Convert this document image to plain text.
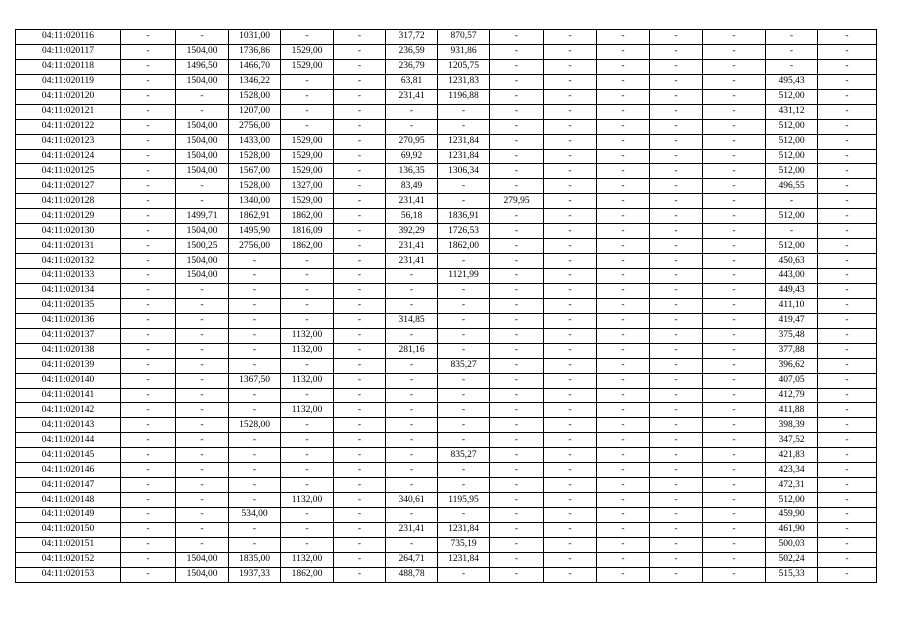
04:11:020116	-	-	1031,00	-	-	317,72	870,57	-	-	-	-	-	-	-
04:11:020117	-	1504,00	1736,86	1529,00	-	236,59	931,86	-	-	-	-	-	-	-
04:11:020118	-	1496,50	1466,70	1529,00	-	236,79	1205,75	-	-	-	-	-	-	-
04:11:020119	-	1504,00	1346,22	-	-	63,81	1231,83	-	-	-	-	-	495,43	-
04:11:020120	-	-	1528,00	-	-	231,41	1196,88	-	-	-	-	-	512,00	-
04:11:020121	-	-	1207,00	-	-	-	-	-	-	-	-	-	431,12	-
04:11:020122	-	1504,00	2756,00	-	-	-	-	-	-	-	-	-	512,00	-
04:11:020123	-	1504,00	1433,00	1529,00	-	270,95	1231,84	-	-	-	-	-	512,00	-
04:11:020124	-	1504,00	1528,00	1529,00	-	69,92	1231,84	-	-	-	-	-	512,00	-
04:11:020125	-	1504,00	1567,00	1529,00	-	136,35	1306,34	-	-	-	-	-	512,00	-
04:11:020127	-	-	1528,00	1327,00	-	83,49	-	-	-	-	-	-	496,55	-
04:11:020128	-	-	1340,00	1529,00	-	231,41	-	279,95	-	-	-	-	-	-
04:11:020129	-	1499,71	1862,91	1862,00	-	56,18	1836,91	-	-	-	-	-	512,00	-
04:11:020130	-	1504,00	1495,90	1816,09	-	392,29	1726,53	-	-	-	-	-	-	-
04:11:020131	-	1500,25	2756,00	1862,00	-	231,41	1862,00	-	-	-	-	-	512,00	-
04:11:020132	-	1504,00	-	-	-	231,41	-	-	-	-	-	-	450,63	-
04:11:020133	-	1504,00	-	-	-	-	1121,99	-	-	-	-	-	443,00	-
04:11:020134	-	-	-	-	-	-	-	-	-	-	-	-	449,43	-
04:11:020135	-	-	-	-	-	-	-	-	-	-	-	-	411,10	-
04:11:020136	-	-	-	-	-	314,85	-	-	-	-	-	-	419,47	-
04:11:020137	-	-	-	1132,00	-	-	-	-	-	-	-	-	375,48	-
04:11:020138	-	-	-	1132,00	-	281,16	-	-	-	-	-	-	377,88	-
04:11:020139	-	-	-	-	-	-	835,27	-	-	-	-	-	396,62	-
04:11:020140	-	-	1367,50	1132,00	-	-	-	-	-	-	-	-	407,05	-
04:11:020141	-	-	-	-	-	-	-	-	-	-	-	-	412,79	-
04:11:020142	-	-	-	1132,00	-	-	-	-	-	-	-	-	411,88	-
04:11:020143	-	-	1528,00	-	-	-	-	-	-	-	-	-	398,39	-
04:11:020144	-	-	-	-	-	-	-	-	-	-	-	-	347,52	-
04:11:020145	-	-	-	-	-	-	835,27	-	-	-	-	-	421,83	-
04:11:020146	-	-	-	-	-	-	-	-	-	-	-	-	423,34	-
04:11:020147	-	-	-	-	-	-	-	-	-	-	-	-	472,31	-
04:11:020148	-	-	-	1132,00	-	340,61	1195,95	-	-	-	-	-	512,00	-
04:11:020149	-	-	534,00	-	-	-	-	-	-	-	-	-	459,90	-
04:11:020150	-	-	-	-	-	231,41	1231,84	-	-	-	-	-	461,90	-
04:11:020151	-	-	-	-	-	-	735,19	-	-	-	-	-	500,03	-
04:11:020152	-	1504,00	1835,00	1132,00	-	264,71	1231,84	-	-	-	-	-	502,24	-
04:11:020153	-	1504,00	1937,33	1862,00	-	488,78	-	-	-	-	-	-	515,33	-
